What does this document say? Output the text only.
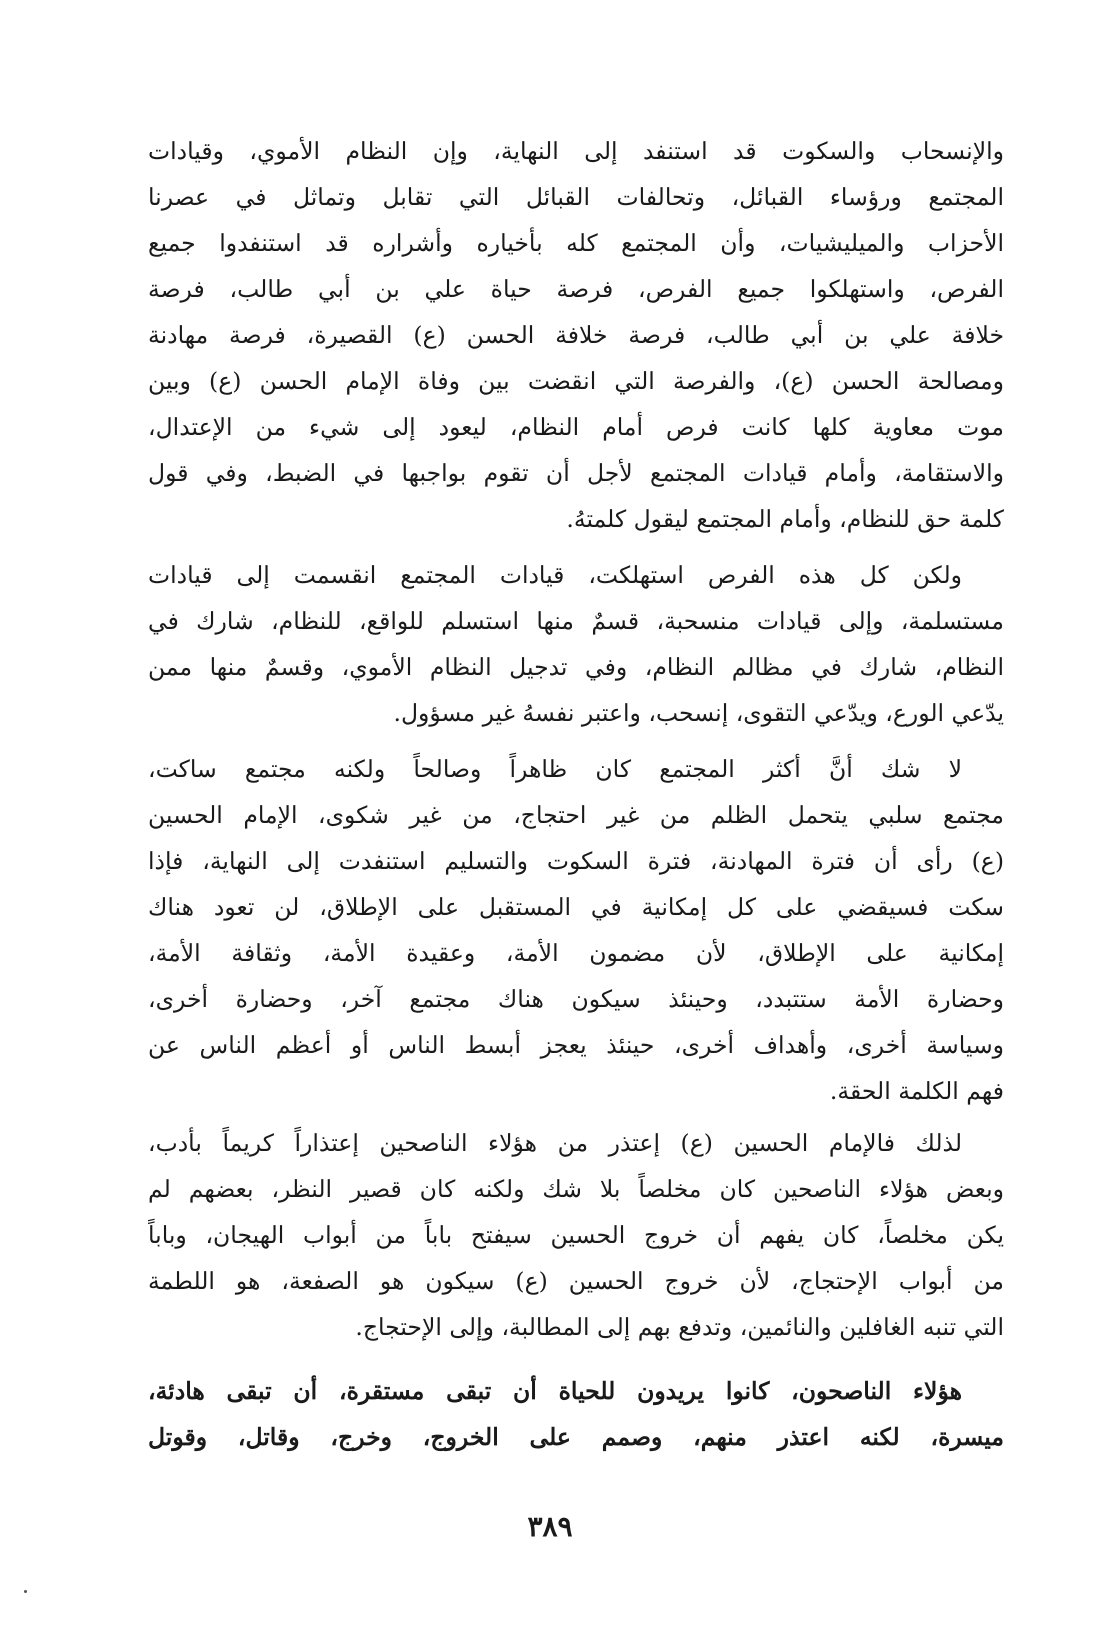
والإنسحاب والسكوت قد استنفد إلى النهاية، وإن النظام الأموي، وقيادات
المجتمع ورؤساء القبائل، وتحالفات القبائل التي تقابل وتماثل في عصرنا
الأحزاب والميليشيات، وأن المجتمع كله بأخياره وأشراره قد استنفدوا جميع
الفرص، واستهلكوا جميع الفرص، فرصة حياة علي بن أبي طالب، فرصة
خلافة علي بن أبي طالب، فرصة خلافة الحسن (ع) القصيرة، فرصة مهادنة
ومصالحة الحسن (ع)، والفرصة التي انقضت بين وفاة الإمام الحسن (ع) وبين
موت معاوية كلها كانت فرص أمام النظام، ليعود إلى شيء من الإعتدال،
والاستقامة، وأمام قيادات المجتمع لأجل أن تقوم بواجبها في الضبط، وفي قول
كلمة حق للنظام، وأمام المجتمع ليقول كلمتهُ.
ولكن كل هذه الفرص استهلكت، قيادات المجتمع انقسمت إلى قيادات
مستسلمة، وإلى قيادات منسحبة، قسمٌ منها استسلم للواقع، للنظام، شارك في
النظام، شارك في مظالم النظام، وفي تدجيل النظام الأموي، وقسمٌ منها ممن
يدّعي الورع، ويدّعي التقوى، إنسحب، واعتبر نفسهُ غير مسؤول.
لا شك أنَّ أكثر المجتمع كان ظاهراً وصالحاً ولكنه مجتمع ساكت،
مجتمع سلبي يتحمل الظلم من غير احتجاج، من غير شكوى، الإمام الحسين
(ع) رأى أن فترة المهادنة، فترة السكوت والتسليم استنفدت إلى النهاية، فإذا
سكت فسيقضي على كل إمكانية في المستقبل على الإطلاق، لن تعود هناك
إمكانية على الإطلاق، لأن مضمون الأمة، وعقيدة الأمة، وثقافة الأمة،
وحضارة الأمة ستتبدد، وحينئذ سيكون هناك مجتمع آخر، وحضارة أخرى،
وسياسة أخرى، وأهداف أخرى، حينئذ يعجز أبسط الناس أو أعظم الناس عن
فهم الكلمة الحقة.
لذلك فالإمام الحسين (ع) إعتذر من هؤلاء الناصحين إعتذاراً كريماً بأدب،
وبعض هؤلاء الناصحين كان مخلصاً بلا شك ولكنه كان قصير النظر، بعضهم لم
يكن مخلصاً، كان يفهم أن خروج الحسين سيفتح باباً من أبواب الهيجان، وباباً
من أبواب الإحتجاج، لأن خروج الحسين (ع) سيكون هو الصفعة، هو اللطمة
التي تنبه الغافلين والنائمين، وتدفع بهم إلى المطالبة، وإلى الإحتجاج.
هؤلاء الناصحون، كانوا يريدون للحياة أن تبقى مستقرة، أن تبقى هادئة،
ميسرة، لكنه اعتذر منهم، وصمم على الخروج، وخرج، وقاتل، وقوتل
٣٨٩
